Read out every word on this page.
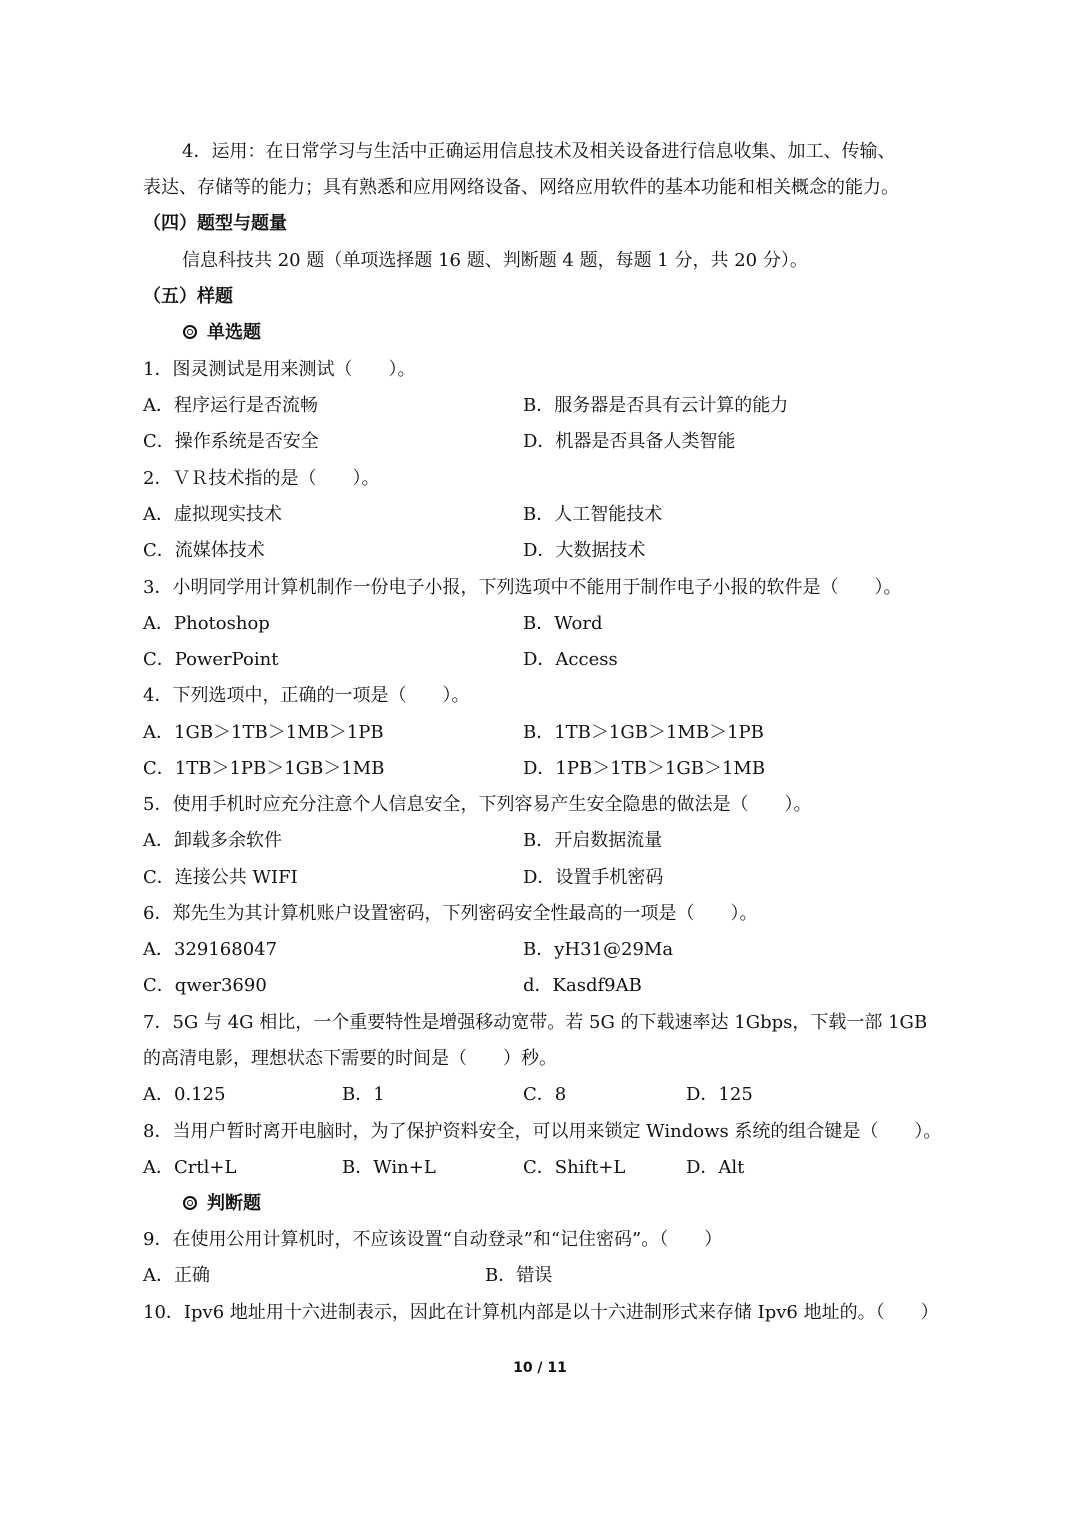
4．运用：在日常学习与生活中正确运用信息技术及相关设备进行信息收集、加工、传输、
表达、存储等的能力；具有熟悉和应用网络设备、网络应用软件的基本功能和相关概念的能力。
（四）题型与题量
信息科技共 20 题（单项选择题 16 题、判断题 4 题，每题 1 分，共 20 分）。
（五）样题
单选题
1．图灵测试是用来测试（　　）。
A．程序运行是否流畅	B．服务器是否具有云计算的能力
C．操作系统是否安全	D．机器是否具备人类智能
2．ＶＲ技术指的是（　　）。
A．虚拟现实技术	B．人工智能技术
C．流媒体技术	D．大数据技术
3．小明同学用计算机制作一份电子小报，下列选项中不能用于制作电子小报的软件是（　　）。
A．Photoshop	B．Word
C．PowerPoint	D．Access
4．下列选项中，正确的一项是（　　）。
A．1GB＞1TB＞1MB＞1PB	B．1TB＞1GB＞1MB＞1PB
C．1TB＞1PB＞1GB＞1MB	D．1PB＞1TB＞1GB＞1MB
5．使用手机时应充分注意个人信息安全，下列容易产生安全隐患的做法是（　　）。
A．卸载多余软件	B．开启数据流量
C．连接公共 WIFI	D．设置手机密码
6．郑先生为其计算机账户设置密码，下列密码安全性最高的一项是（　　）。
A．329168047	B．yH31@29Ma
C．qwer3690	d．Kasdf9AB
7．5G 与 4G 相比，一个重要特性是增强移动宽带。若 5G 的下载速率达 1Gbps，下载一部 1GB
的高清电影，理想状态下需要的时间是（　　）秒。
A．0.125	B．1	C．8	D．125
8．当用户暂时离开电脑时，为了保护资料安全，可以用来锁定 Windows 系统的组合键是（　　）。
A．Crtl+L	B．Win+L	C．Shift+L	D．Alt
判断题
9．在使用公用计算机时，不应该设置“自动登录”和“记住密码”。（　　）
A．正确	B．错误
10．Ipv6 地址用十六进制表示，因此在计算机内部是以十六进制形式来存储 Ipv6 地址的。（　　）
10 / 11
